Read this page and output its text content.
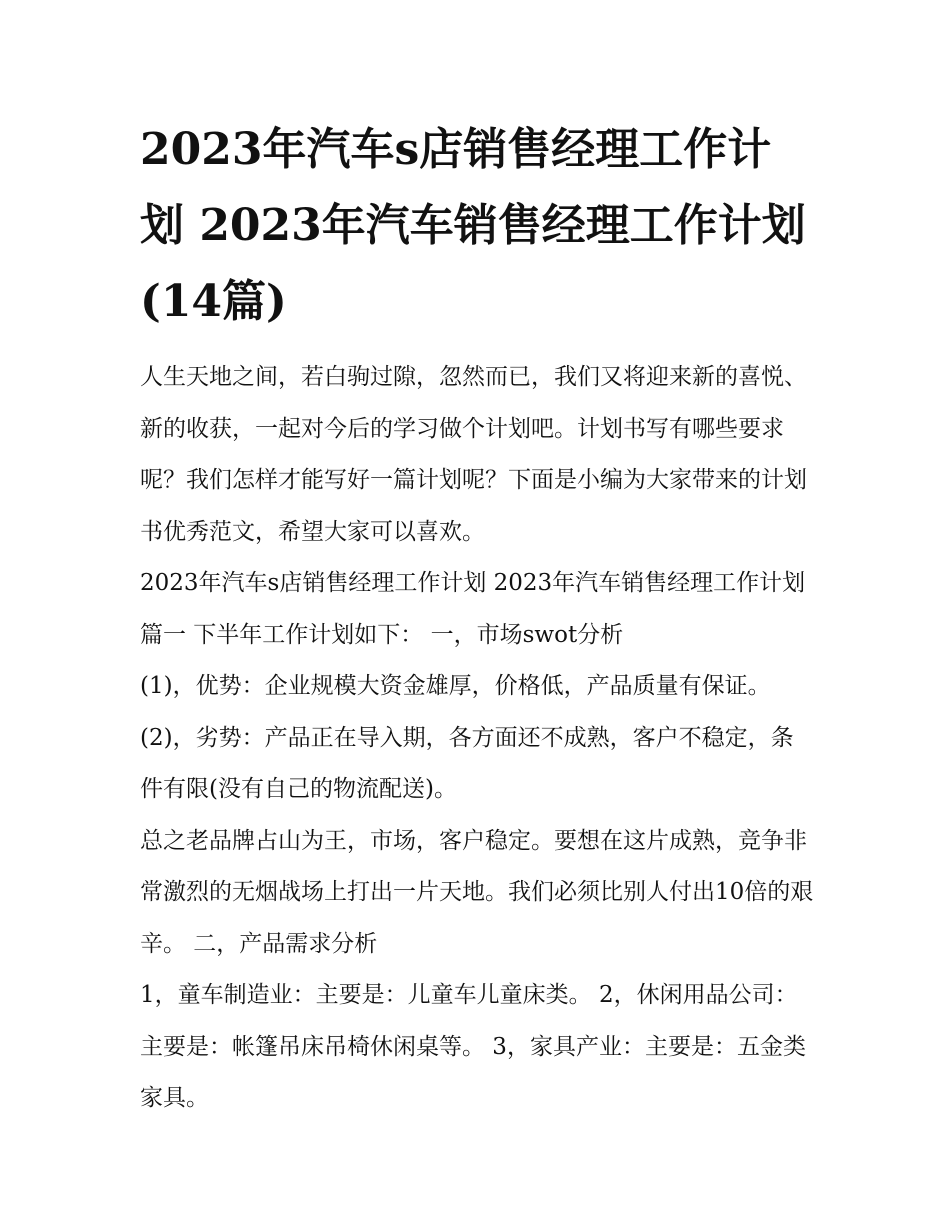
2023年汽车s店销售经理工作计划 2023年汽车销售经理工作计划(14篇)

人生天地之间，若白驹过隙，忽然而已，我们又将迎来新的喜悦、新的收获，一起对今后的学习做个计划吧。计划书写有哪些要求呢？我们怎样才能写好一篇计划呢？下面是小编为大家带来的计划书优秀范文，希望大家可以喜欢。

2023年汽车s店销售经理工作计划 2023年汽车销售经理工作计划篇一 下半年工作计划如下： 一，市场swot分析

(1)，优势：企业规模大资金雄厚，价格低，产品质量有保证。 (2)，劣势：产品正在导入期，各方面还不成熟，客户不稳定，条件有限(没有自己的物流配送)。

总之老品牌占山为王，市场，客户稳定。要想在这片成熟，竞争非常激烈的无烟战场上打出一片天地。我们必须比别人付出10倍的艰辛。 二，产品需求分析

1，童车制造业：主要是：儿童车儿童床类。 2，休闲用品公司：主要是：帐篷吊床吊椅休闲桌等。 3，家具产业：主要是：五金类家具。
